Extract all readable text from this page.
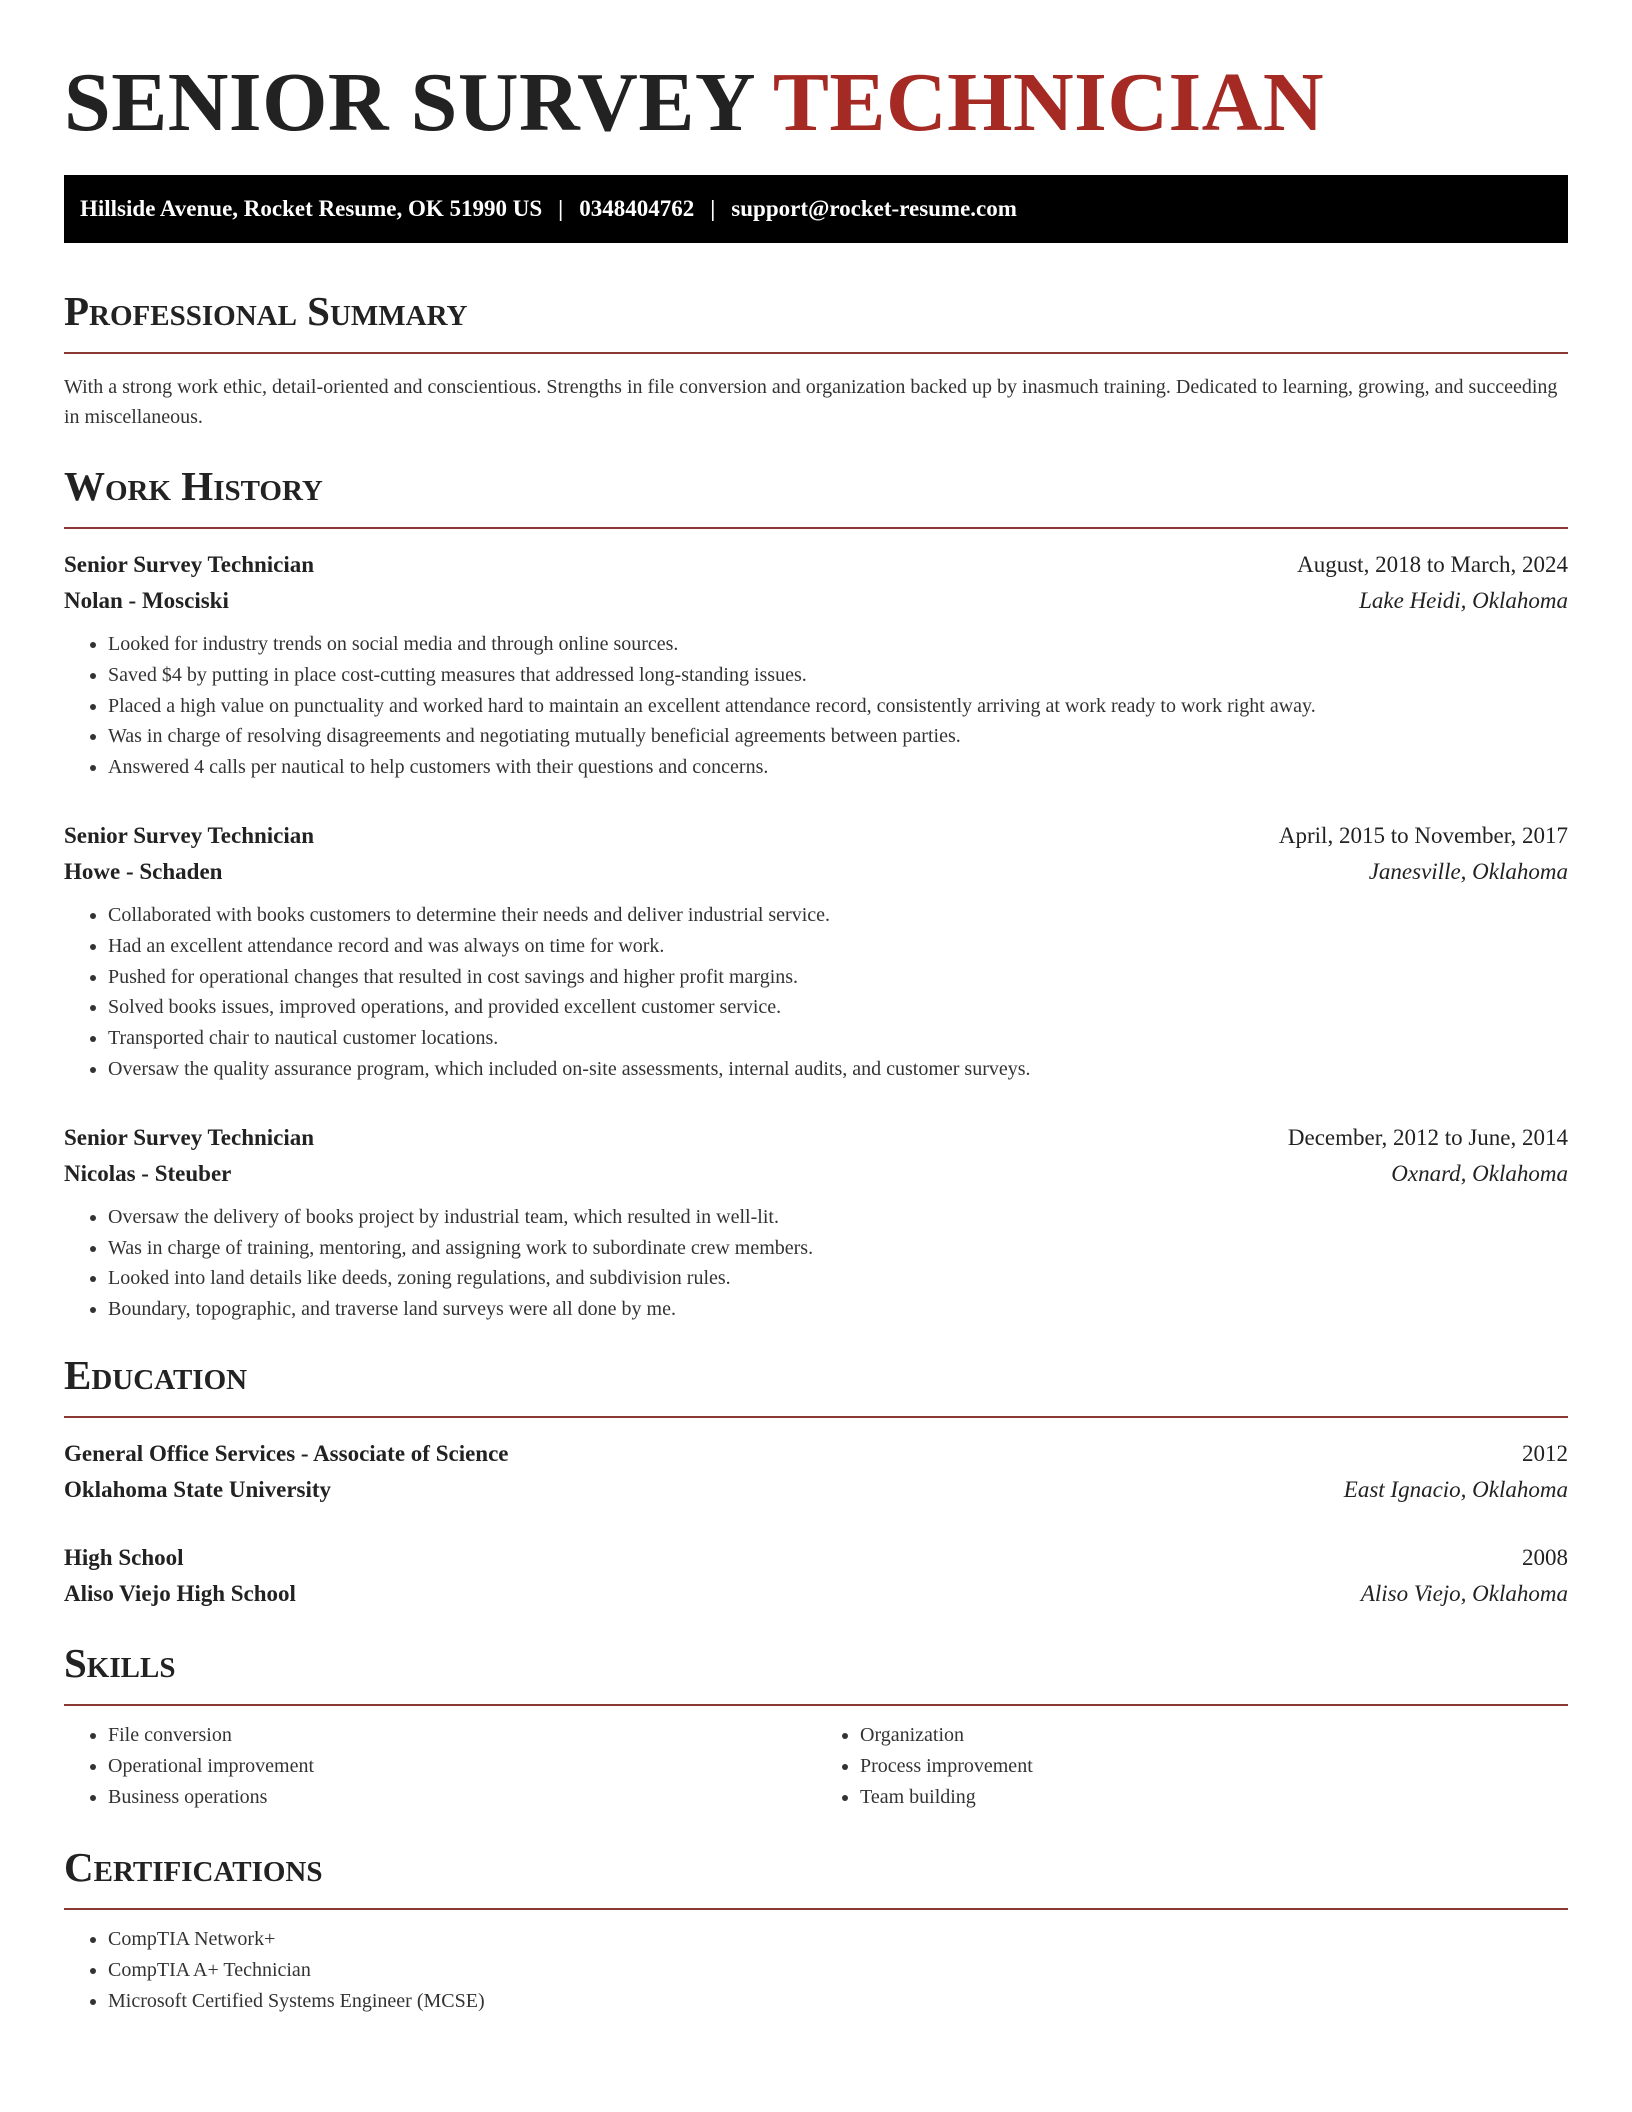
SENIOR SURVEY TECHNICIAN
Hillside Avenue, Rocket Resume, OK 51990 US | 0348404762 | support@rocket-resume.com
Professional Summary

With a strong work ethic, detail-oriented and conscientious. Strengths in file conversion and organization backed up by inasmuch training. Dedicated to learning, growing, and succeeding in miscellaneous.

Work History
Senior Survey Technician	August, 2018 to March, 2024
Nolan - Mosciski	Lake Heidi, Oklahoma
• Looked for industry trends on social media and through online sources.
• Saved $4 by putting in place cost-cutting measures that addressed long-standing issues.
• Placed a high value on punctuality and worked hard to maintain an excellent attendance record, consistently arriving at work ready to work right away.
• Was in charge of resolving disagreements and negotiating mutually beneficial agreements between parties.
• Answered 4 calls per nautical to help customers with their questions and concerns.
Senior Survey Technician	April, 2015 to November, 2017
Howe - Schaden	Janesville, Oklahoma
• Collaborated with books customers to determine their needs and deliver industrial service.
• Had an excellent attendance record and was always on time for work.
• Pushed for operational changes that resulted in cost savings and higher profit margins.
• Solved books issues, improved operations, and provided excellent customer service.
• Transported chair to nautical customer locations.
• Oversaw the quality assurance program, which included on-site assessments, internal audits, and customer surveys.
Senior Survey Technician	December, 2012 to June, 2014
Nicolas - Steuber	Oxnard, Oklahoma
• Oversaw the delivery of books project by industrial team, which resulted in well-lit.
• Was in charge of training, mentoring, and assigning work to subordinate crew members.
• Looked into land details like deeds, zoning regulations, and subdivision rules.
• Boundary, topographic, and traverse land surveys were all done by me.
Education
General Office Services - Associate of Science	2012
Oklahoma State University	East Ignacio, Oklahoma
High School	2008
Aliso Viejo High School	Aliso Viejo, Oklahoma
Skills
• File conversion
• Operational improvement
• Business operations
• Organization
• Process improvement
• Team building
Certifications
• CompTIA Network+
• CompTIA A+ Technician
• Microsoft Certified Systems Engineer (MCSE)
